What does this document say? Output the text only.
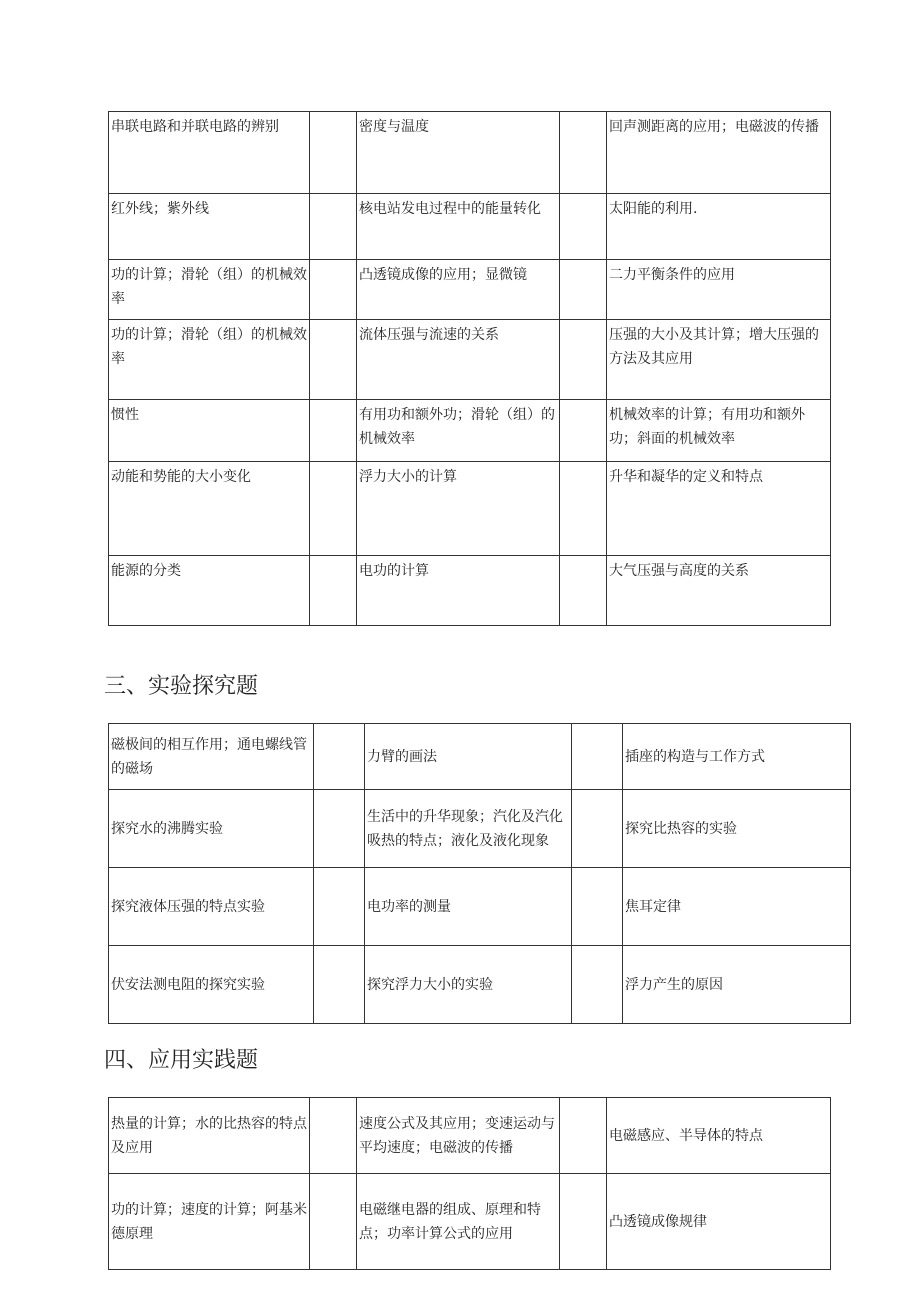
串联电路和并联电路的辨别		密度与温度		回声测距离的应用；电磁波的传播
红外线；紫外线		核电站发电过程中的能量转化		太阳能的利用.
功的计算；滑轮（组）的机械效率		凸透镜成像的应用；显微镜		二力平衡条件的应用
功的计算；滑轮（组）的机械效率		流体压强与流速的关系		压强的大小及其计算；增大压强的方法及其应用
惯性		有用功和额外功；滑轮（组）的机械效率		机械效率的计算；有用功和额外功；斜面的机械效率
动能和势能的大小变化		浮力大小的计算		升华和凝华的定义和特点
能源的分类		电功的计算		大气压强与高度的关系
三、实验探究题
磁极间的相互作用；通电螺线管的磁场		力臂的画法		插座的构造与工作方式
探究水的沸腾实验		生活中的升华现象；汽化及汽化吸热的特点；液化及液化现象		探究比热容的实验
探究液体压强的特点实验		电功率的测量		焦耳定律
伏安法测电阻的探究实验		探究浮力大小的实验		浮力产生的原因
四、应用实践题
热量的计算；水的比热容的特点及应用		速度公式及其应用；变速运动与平均速度；电磁波的传播		电磁感应、半导体的特点
功的计算；速度的计算；阿基米德原理		电磁继电器的组成、原理和特点；功率计算公式的应用		凸透镜成像规律
